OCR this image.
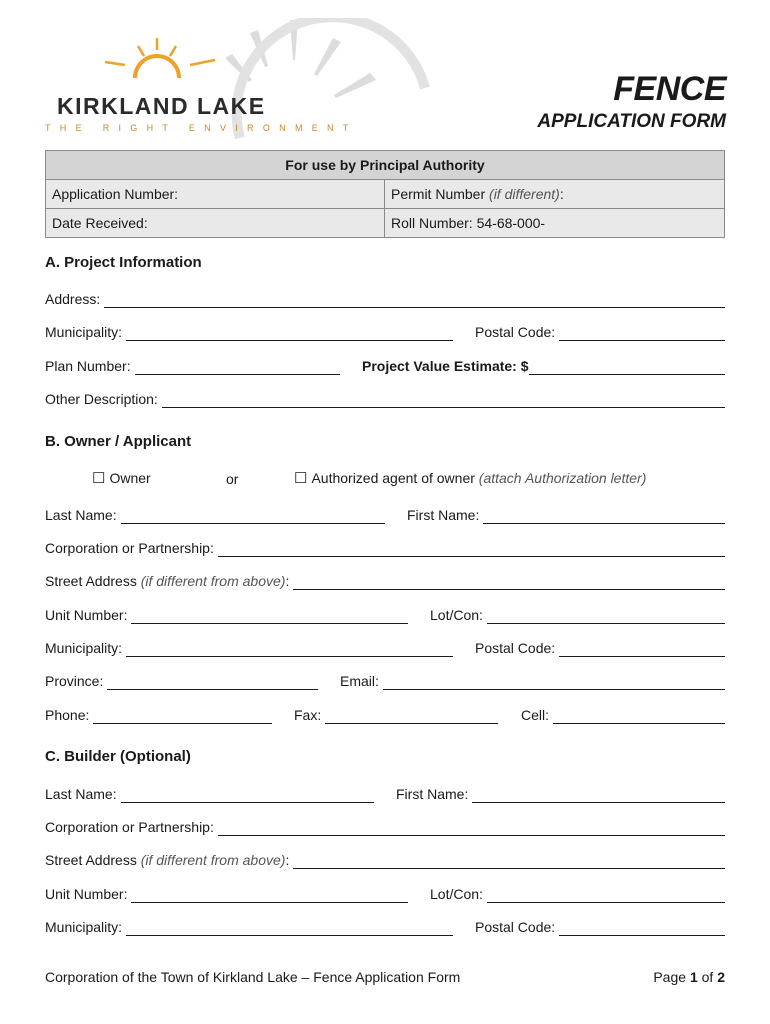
KIRKLAND LAKE
THE RIGHT ENVIRONMENT
FENCE
APPLICATION FORM
For use by Principal Authority	
Application Number:	Permit Number (if different):
Date Received:	Roll Number: 54-68-000-
A. Project Information
Address:
Municipality:	Postal Code:
Plan Number:	Project Value Estimate: $
Other Description:
B. Owner / Applicant
☐ Owner	or	☐ Authorized agent of owner (attach Authorization letter)
Last Name:	First Name:
Corporation or Partnership:
Street Address (if different from above):
Unit Number:	Lot/Con:
Municipality:	Postal Code:
Province:	Email:
Phone:	Fax:	Cell:
C. Builder (Optional)
Last Name:	First Name:
Corporation or Partnership:
Street Address (if different from above):
Unit Number:	Lot/Con:
Municipality:	Postal Code:
Corporation of the Town of Kirkland Lake – Fence Application Form	Page 1 of 2
